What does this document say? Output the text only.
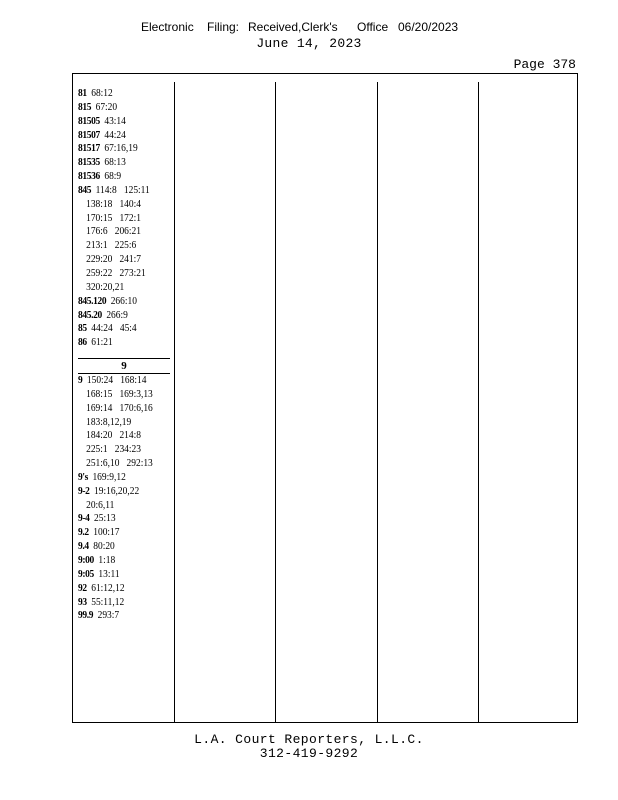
Electronic Filing: Received,Clerk's Office 06/20/2023
June 14, 2023
Page 378
81 68:12
815 67:20
81505 43:14
81507 44:24
81517 67:16,19
81535 68:13
81536 68:9
845 114:8   125:11
138:18   140:4
170:15   172:1
176:6   206:21
213:1   225:6
229:20   241:7
259:22   273:21
320:20,21
845.120 266:10
845.20 266:9
85 44:24   45:4
86 61:21
9
9 150:24   168:14
168:15   169:3,13
169:14   170:6,16
183:8,12,19
184:20   214:8
225:1   234:23
251:6,10   292:13
9's 169:9,12
9-2 19:16,20,22
20:6,11
9-4 25:13
9.2 100:17
9.4 80:20
9:00 1:18
9:05 13:11
92 61:12,12
93 55:11,12
99.9 293:7
L.A. Court Reporters, L.L.C.
312-419-9292
